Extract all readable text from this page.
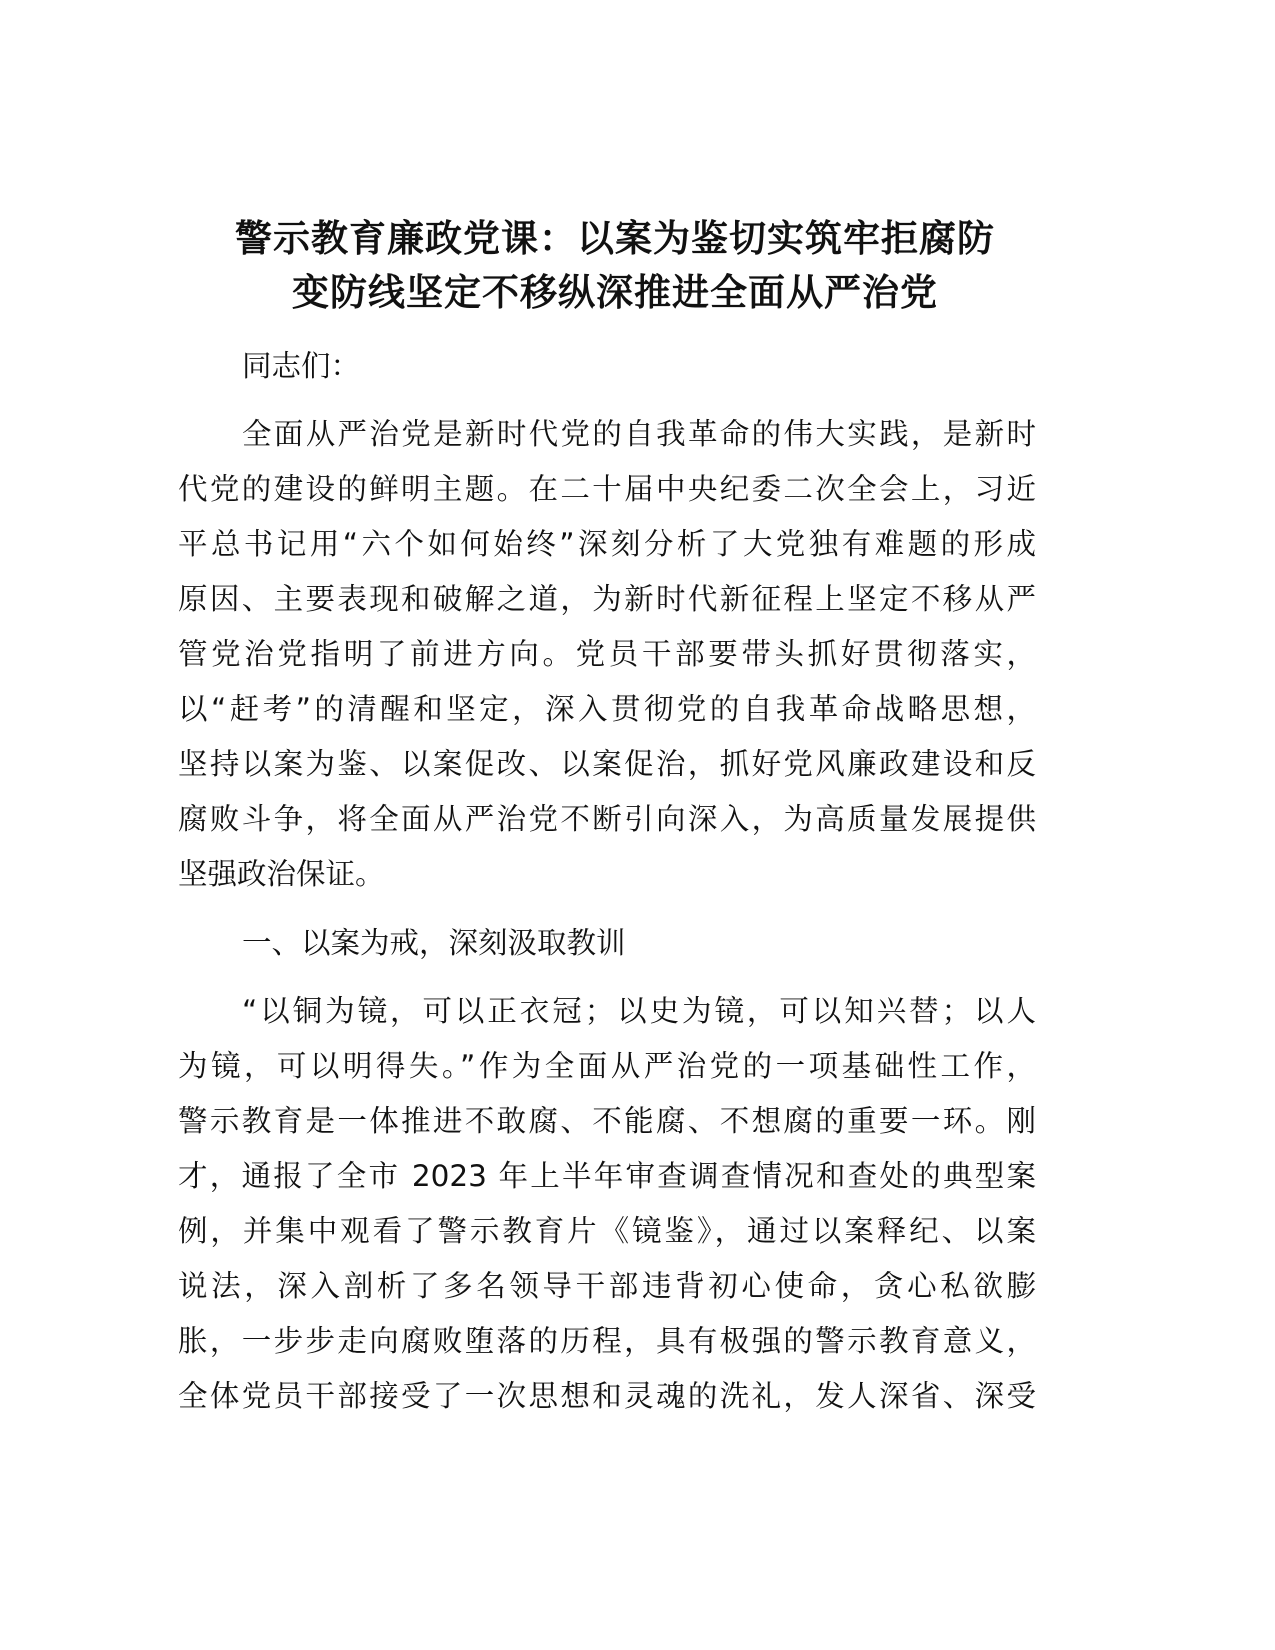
警示教育廉政党课：以案为鉴切实筑牢拒腐防
变防线坚定不移纵深推进全面从严治党
同志们：
全面从严治党是新时代党的自我革命的伟大实践，是新时
代党的建设的鲜明主题。在二十届中央纪委二次全会上，习近
平总书记用“六个如何始终”深刻分析了大党独有难题的形成
原因、主要表现和破解之道，为新时代新征程上坚定不移从严
管党治党指明了前进方向。党员干部要带头抓好贯彻落实，
以“赶考”的清醒和坚定，深入贯彻党的自我革命战略思想，
坚持以案为鉴、以案促改、以案促治，抓好党风廉政建设和反
腐败斗争，将全面从严治党不断引向深入，为高质量发展提供
坚强政治保证。
一、以案为戒，深刻汲取教训
“以铜为镜，可以正衣冠；以史为镜，可以知兴替；以人
为镜，可以明得失。”作为全面从严治党的一项基础性工作，
警示教育是一体推进不敢腐、不能腐、不想腐的重要一环。刚
才，通报了全市 2023 年上半年审查调查情况和查处的典型案
例，并集中观看了警示教育片《镜鉴》，通过以案释纪、以案
说法，深入剖析了多名领导干部违背初心使命，贪心私欲膨
胀，一步步走向腐败堕落的历程，具有极强的警示教育意义，
全体党员干部接受了一次思想和灵魂的洗礼，发人深省、深受
